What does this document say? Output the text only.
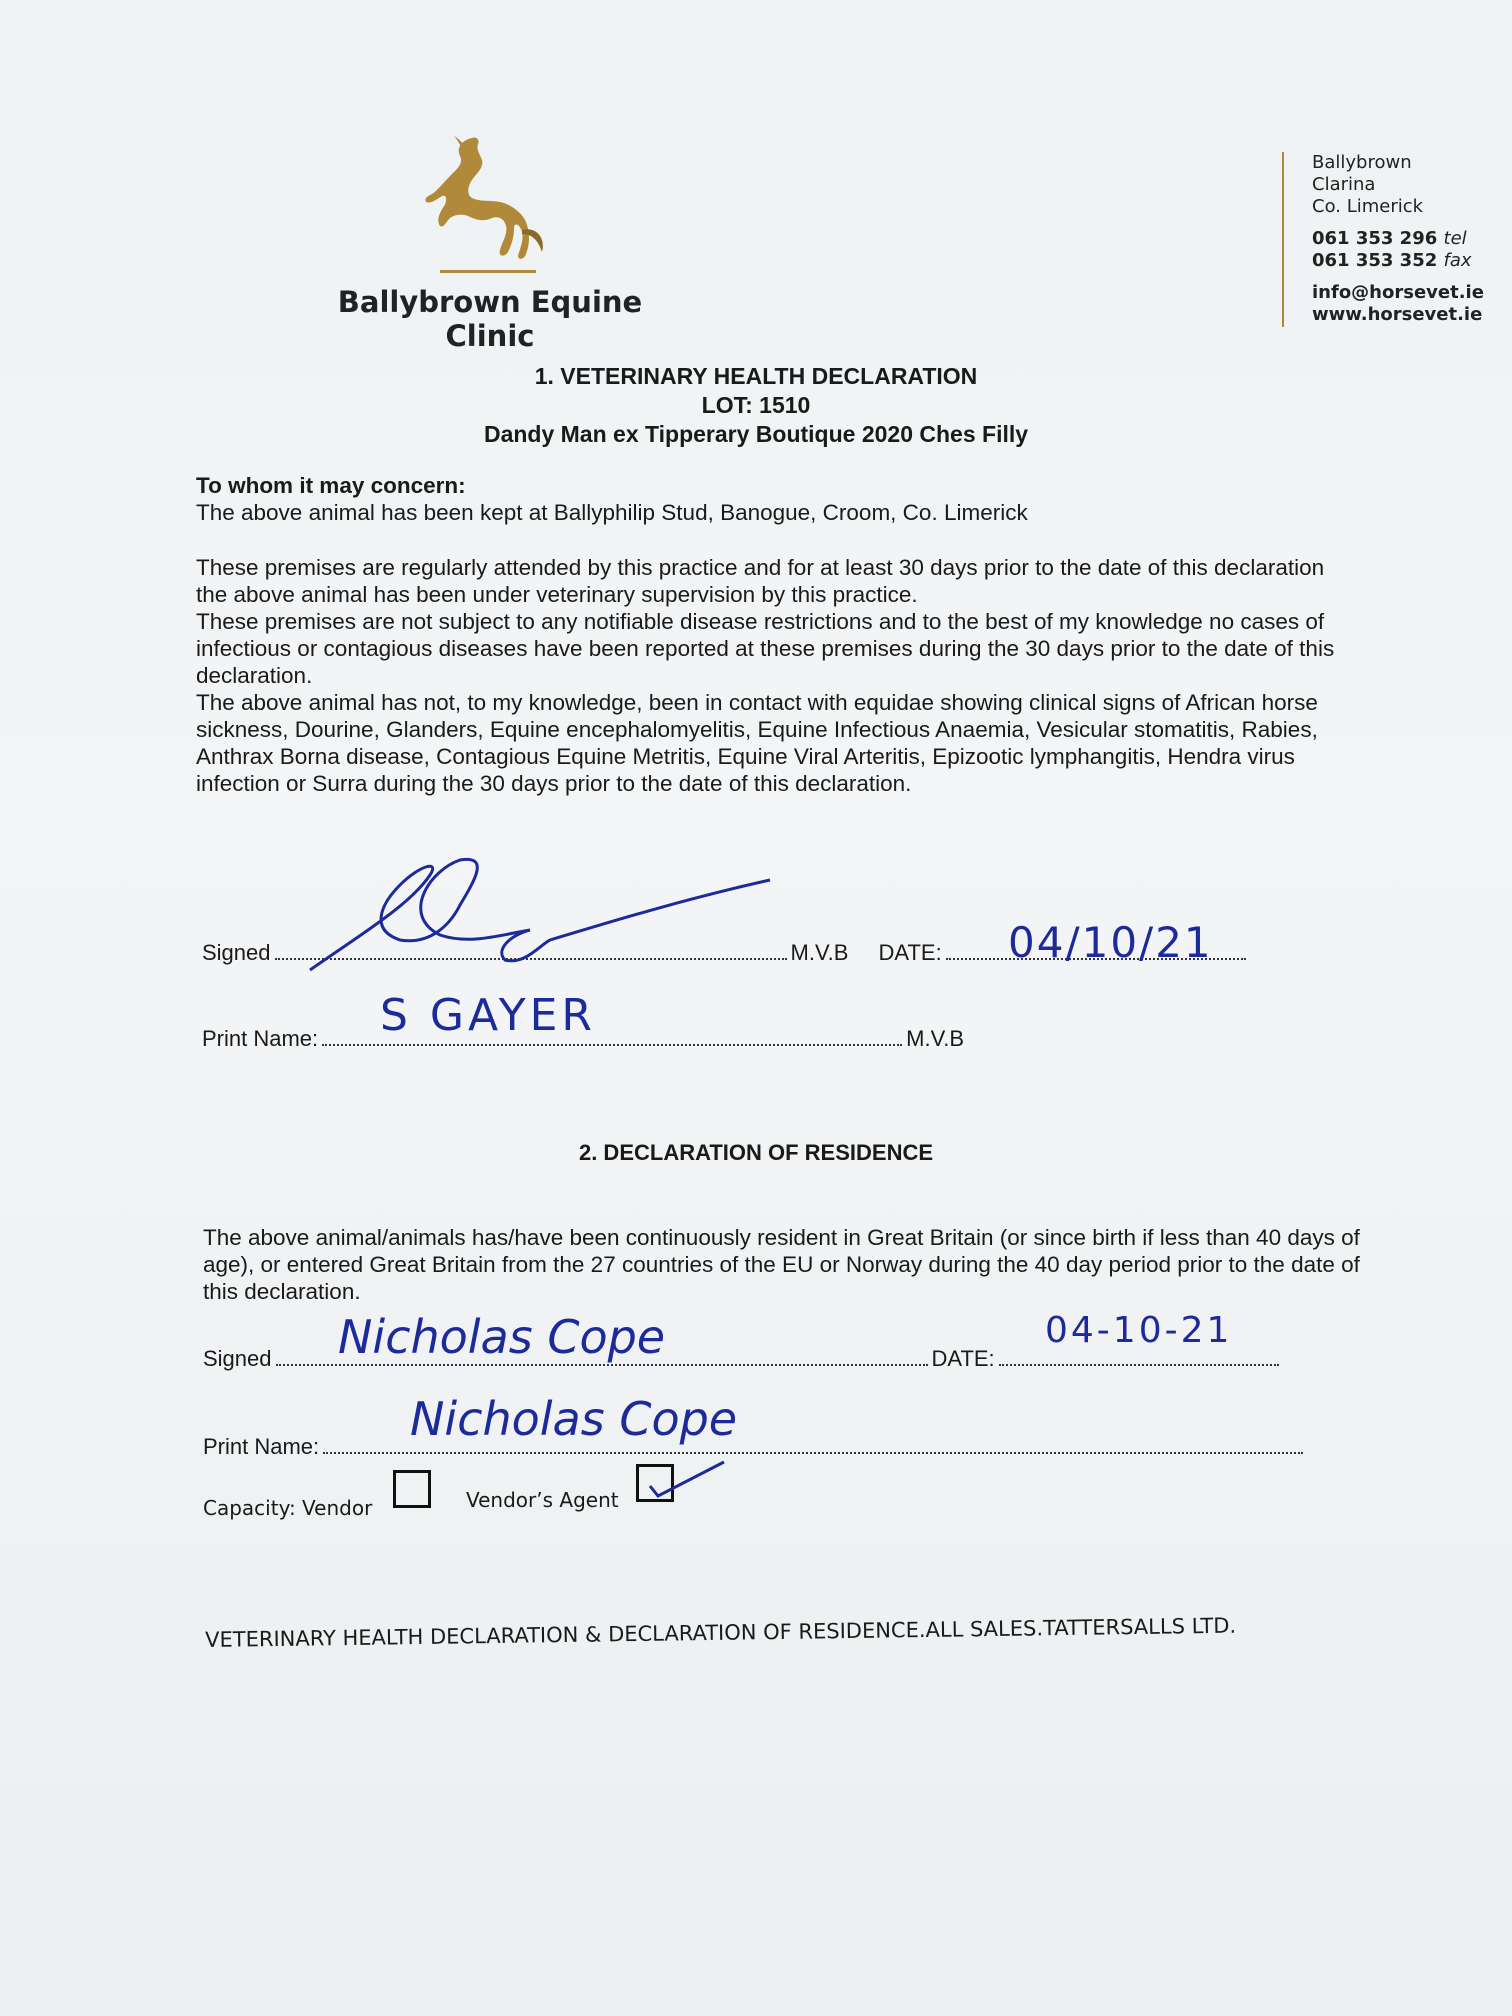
Ballybrown Equine Clinic
Ballybrown
Clarina
Co. Limerick
061 353 296 tel
061 353 352 fax
info@horsevet.ie
www.horsevet.ie
1. VETERINARY HEALTH DECLARATION
LOT: 1510
Dandy Man ex Tipperary Boutique 2020 Ches Filly

To whom it may concern:

The above animal has been kept at Ballyphilip Stud, Banogue, Croom, Co. Limerick

These premises are regularly attended by this practice and for at least 30 days prior to the date of this declaration the above animal has been under veterinary supervision by this practice.

These premises are not subject to any notifiable disease restrictions and to the best of my knowledge no cases of infectious or contagious diseases have been reported at these premises during the 30 days prior to the date of this declaration.

The above animal has not, to my knowledge, been in contact with equidae showing clinical signs of African horse sickness, Dourine, Glanders, Equine encephalomyelitis, Equine Infectious Anaemia, Vesicular stomatitis, Rabies, Anthrax Borna disease, Contagious Equine Metritis, Equine Viral Arteritis, Epizootic lymphangitis, Hendra virus infection or Surra during the 30 days prior to the date of this declaration.

Signed	M.V.B DATE:	04/10/21
Print Name:	M.V.B
S GAYER
2. DECLARATION OF RESIDENCE

The above animal/animals has/have been continuously resident in Great Britain (or since birth if less than 40 days of age), or entered Great Britain from the 27 countries of the EU or Norway during the 40 day period prior to the date of this declaration.

Signed	DATE:
Nicholas Cope	04-10-21
Print Name:
Nicholas Cope
Capacity: Vendor	Vendor’s Agent
VETERINARY HEALTH DECLARATION & DECLARATION OF RESIDENCE.ALL SALES.TATTERSALLS LTD.
